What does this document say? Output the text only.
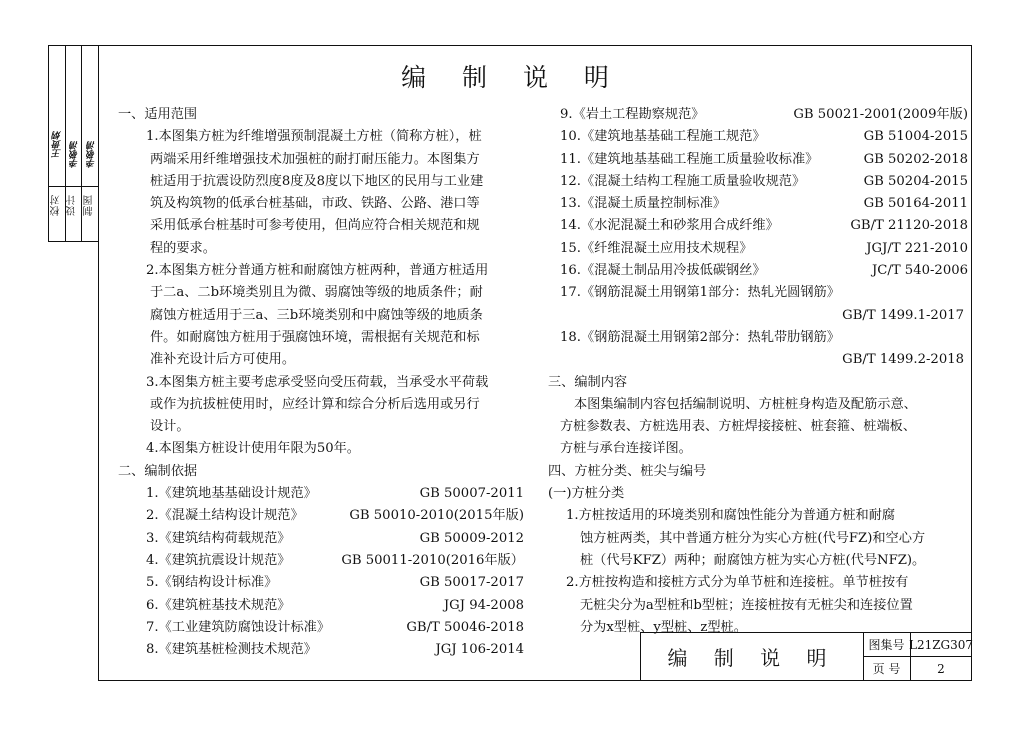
校对 设计 制图
王贵炳 李敬清 李敬清
编 制 说 明
一、适用范围
1.本图集方桩为纤维增强预制混凝土方桩（简称方桩），桩
两端采用纤维增强技术加强桩的耐打耐压能力。本图集方
桩适用于抗震设防烈度8度及8度以下地区的民用与工业建
筑及构筑物的低承台桩基础，市政、铁路、公路、港口等
采用低承台桩基时可参考使用，但尚应符合相关规范和规
程的要求。
2.本图集方桩分普通方桩和耐腐蚀方桩两种，普通方桩适用
于二a、二b环境类别且为微、弱腐蚀等级的地质条件；耐
腐蚀方桩适用于三a、三b环境类别和中腐蚀等级的地质条
件。如耐腐蚀方桩用于强腐蚀环境，需根据有关规范和标
准补充设计后方可使用。
3.本图集方桩主要考虑承受竖向受压荷载，当承受水平荷载
或作为抗拔桩使用时，应经计算和综合分析后选用或另行
设计。
4.本图集方桩设计使用年限为50年。
二、编制依据
1.《建筑地基基础设计规范》	GB 50007-2011
2.《混凝土结构设计规范》	GB 50010-2010(2015年版)
3.《建筑结构荷载规范》	GB 50009-2012
4.《建筑抗震设计规范》	GB 50011-2010(2016年版）
5.《钢结构设计标准》	GB 50017-2017
6.《建筑桩基技术规范》	JGJ 94-2008
7.《工业建筑防腐蚀设计标准》	GB/T 50046-2018
8.《建筑基桩检测技术规范》	JGJ 106-2014
9.《岩土工程勘察规范》	GB 50021-2001(2009年版)
10.《建筑地基基础工程施工规范》	GB 51004-2015
11.《建筑地基基础工程施工质量验收标准》	GB 50202-2018
12.《混凝土结构工程施工质量验收规范》	GB 50204-2015
13.《混凝土质量控制标准》	GB 50164-2011
14.《水泥混凝土和砂浆用合成纤维》	GB/T 21120-2018
15.《纤维混凝土应用技术规程》	JGJ/T 221-2010
16.《混凝土制品用冷拔低碳钢丝》	JC/T 540-2006
17.《钢筋混凝土用钢第1部分：热轧光圆钢筋》
GB/T 1499.1-2017
18.《钢筋混凝土用钢第2部分：热轧带肋钢筋》
GB/T 1499.2-2018
三、编制内容
本图集编制内容包括编制说明、方桩桩身构造及配筋示意、
方桩参数表、方桩选用表、方桩焊接接桩、桩套箍、桩端板、
方桩与承台连接详图。
四、方桩分类、桩尖与编号
(一)方桩分类
1.方桩按适用的环境类别和腐蚀性能分为普通方桩和耐腐
蚀方桩两类，其中普通方桩分为实心方桩(代号FZ)和空心方
桩（代号KFZ）两种；耐腐蚀方桩为实心方桩(代号NFZ)。
2.方桩按构造和接桩方式分为单节桩和连接桩。单节桩按有
无桩尖分为a型桩和b型桩；连接桩按有无桩尖和连接位置
分为x型桩、y型桩、z型桩。
编 制 说 明
图集号 L21ZG307
页 号	2
